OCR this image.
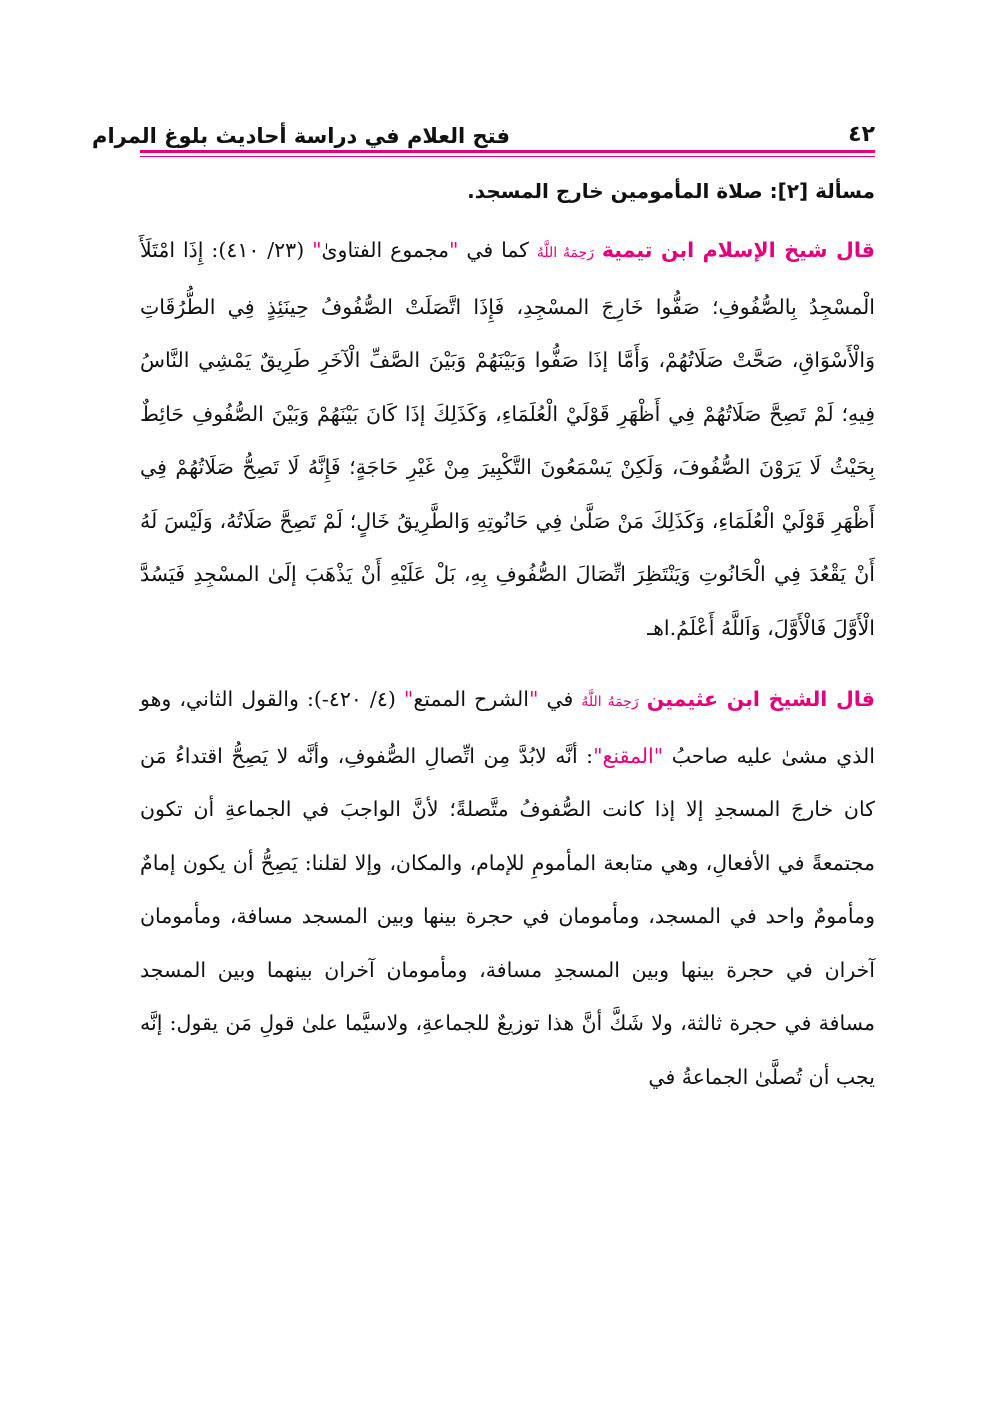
٤٢
فتح العلام في دراسة أحاديث بلوغ المرام
مسألة [٢]: صلاة المأمومين خارج المسجد.

قال شيخ الإسلام ابن تيمية رَحِمَهُ اللَّهُ كما في "مجموع الفتاوىٰ" (٢٣/ ٤١٠): إِذَا امْتَلَأَ الْمسْجِدُ بِالصُّفُوفِ؛ صَفُّوا خَارِجَ المسْجِدِ، فَإِذَا اتَّصَلَتْ الصُّفُوفُ حِينَئِذٍ فِي الطُّرُقَاتِ وَالْأَسْوَاقِ، صَحَّتْ صَلَاتُهُمْ، وَأَمَّا إذَا صَفُّوا وَبَيْنَهُمْ وَبَيْنَ الصَّفِّ الْآخَرِ طَرِيقٌ يَمْشِي النَّاسُ فِيهِ؛ لَمْ تَصِحَّ صَلَاتُهُمْ فِي أَظْهَرِ قَوْلَيْ الْعُلَمَاءِ، وَكَذَلِكَ إذَا كَانَ بَيْنَهُمْ وَبَيْنَ الصُّفُوفِ حَائِطٌ بِحَيْثُ لَا يَرَوْنَ الصُّفُوفَ، وَلَكِنْ يَسْمَعُونَ التَّكْبِيرَ مِنْ غَيْرِ حَاجَةٍ؛ فَإِنَّهُ لَا تَصِحُّ صَلَاتُهُمْ فِي أَظْهَرِ قَوْلَيْ الْعُلَمَاءِ، وَكَذَلِكَ مَنْ صَلَّىٰ فِي حَانُوتِهِ وَالطَّرِيقُ خَالٍ؛ لَمْ تَصِحَّ صَلَاتُهُ، وَلَيْسَ لَهُ أَنْ يَقْعُدَ فِي الْحَانُوتِ وَيَنْتَظِرَ اتِّصَالَ الصُّفُوفِ بِهِ، بَلْ عَلَيْهِ أَنْ يَذْهَبَ إلَىٰ المسْجِدِ فَيَسُدَّ الْأَوَّلَ فَالْأَوَّلَ، وَاَللَّهُ أَعْلَمُ.اهـ

قال الشيخ ابن عثيمين رَحِمَهُ اللَّهُ في "الشرح الممتع" (٤/ ٤٢٠-): والقول الثاني، وهو الذي مشىٰ عليه صاحبُ "المقنع": أنَّه لابُدَّ مِن اتِّصالِ الصُّفوفِ، وأنَّه لا يَصِحُّ اقتداءُ مَن كان خارجَ المسجدِ إلا إذا كانت الصُّفوفُ متَّصلةً؛ لأنَّ الواجبَ في الجماعةِ أن تكون مجتمعةً في الأفعالِ، وهي متابعة المأمومِ للإمام، والمكان، وإلا لقلنا: يَصِحُّ أن يكون إمامٌ ومأمومٌ واحد في المسجد، ومأمومان في حجرة بينها وبين المسجد مسافة، ومأمومان آخران في حجرة بينها وبين المسجدِ مسافة، ومأمومان آخران بينهما وبين المسجد مسافة في حجرة ثالثة، ولا شَكَّ أنَّ هذا توزيعٌ للجماعةِ، ولاسيَّما علىٰ قولِ مَن يقول: إنَّه يجب أن تُصلَّىٰ الجماعةُ في
